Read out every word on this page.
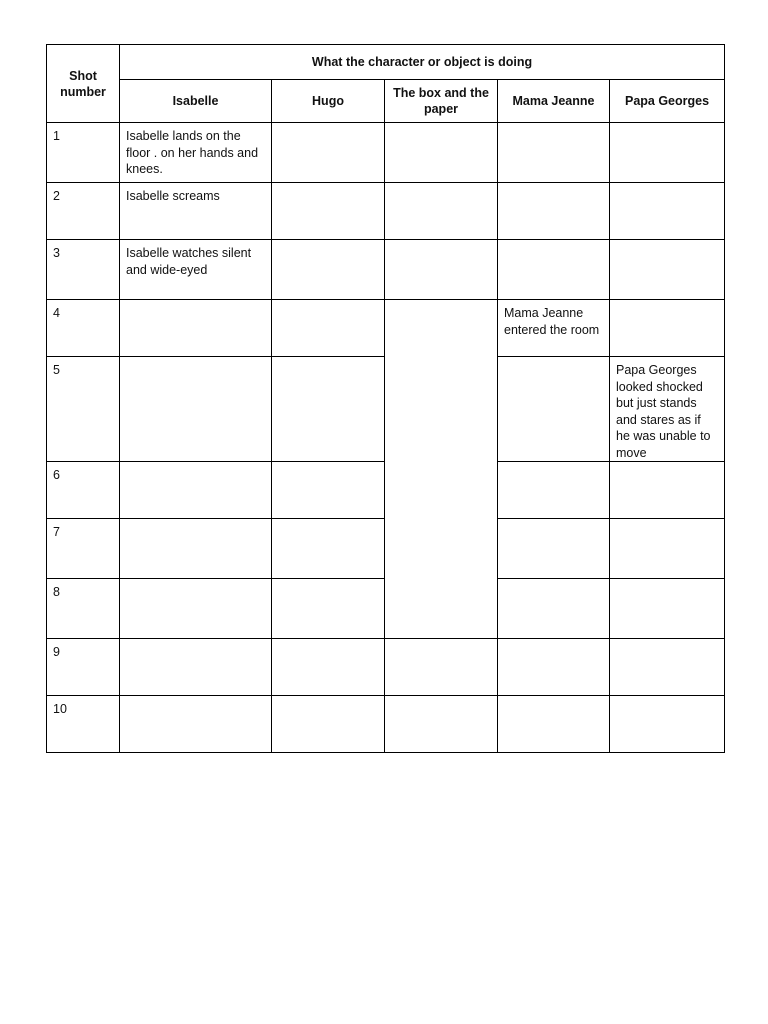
Shot number	What the character or object is doing				
	Isabelle	Hugo	The box and the paper	Mama Jeanne	Papa Georges
1	Isabelle lands on the floor . on her hands and knees.				
2	Isabelle screams				
3	Isabelle watches silent and wide-eyed				
4				Mama Jeanne entered the room	
5					Papa Georges looked shocked but just stands and stares as if he was unable to move
6					
7					
8					
9					
10					
